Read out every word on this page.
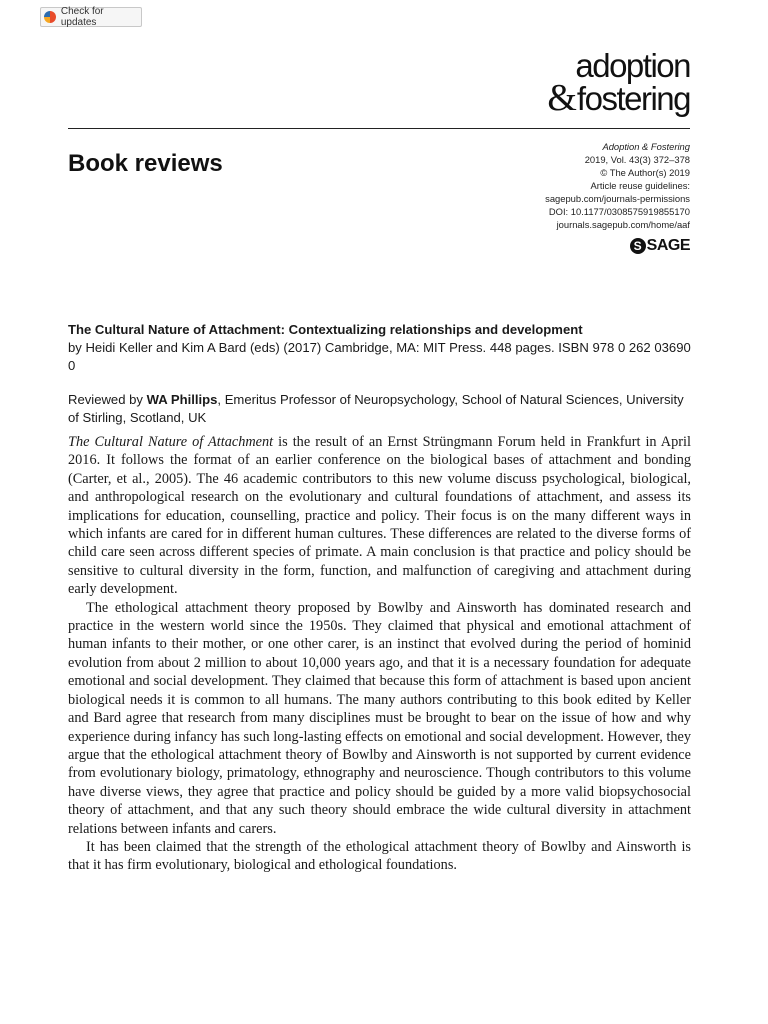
Check for updates
adoption
&fostering
Book reviews
Adoption & Fostering
2019, Vol. 43(3) 372–378
© The Author(s) 2019
Article reuse guidelines:
sagepub.com/journals-permissions
DOI: 10.1177/0308575919855170
journals.sagepub.com/home/aaf
S SAGE
The Cultural Nature of Attachment: Contextualizing relationships and development
by Heidi Keller and Kim A Bard (eds) (2017) Cambridge, MA: MIT Press. 448 pages. ISBN 978 0 262 03690 0
Reviewed by WA Phillips, Emeritus Professor of Neuropsychology, School of Natural Sciences, University of Stirling, Scotland, UK

The Cultural Nature of Attachment is the result of an Ernst Strüngmann Forum held in Frankfurt in April 2016. It follows the format of an earlier conference on the biological bases of attachment and bonding (Carter, et al., 2005). The 46 academic contributors to this new volume discuss psychological, biological, and anthropological research on the evolutionary and cultural foundations of attachment, and assess its implications for education, counselling, practice and policy. Their focus is on the many different ways in which infants are cared for in different human cultures. These differences are related to the diverse forms of child care seen across different species of primate. A main conclusion is that practice and policy should be sensitive to cultural diversity in the form, function, and malfunction of caregiving and attachment during early development.

The ethological attachment theory proposed by Bowlby and Ainsworth has dominated research and practice in the western world since the 1950s. They claimed that physical and emotional attachment of human infants to their mother, or one other carer, is an instinct that evolved during the period of hominid evolution from about 2 million to about 10,000 years ago, and that it is a necessary foundation for adequate emotional and social development. They claimed that because this form of attachment is based upon ancient biological needs it is common to all humans. The many authors contributing to this book edited by Keller and Bard agree that research from many disciplines must be brought to bear on the issue of how and why experience during infancy has such long-lasting effects on emotional and social development. However, they argue that the ethological attachment theory of Bowlby and Ainsworth is not supported by current evidence from evolutionary biology, primatology, ethnography and neuroscience. Though contributors to this volume have diverse views, they agree that practice and policy should be guided by a more valid biopsychosocial theory of attachment, and that any such theory should embrace the wide cultural diversity in attachment relations between infants and carers.

It has been claimed that the strength of the ethological attachment theory of Bowlby and Ainsworth is that it has firm evolutionary, biological and ethological foundations.
